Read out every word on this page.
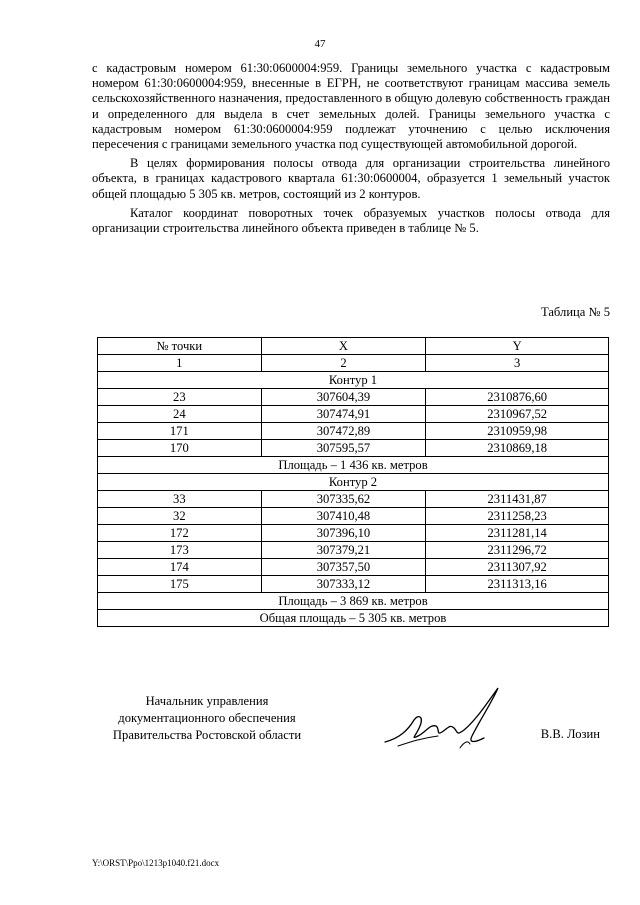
47

с кадастровым номером 61:30:0600004:959. Границы земельного участка с кадастровым номером 61:30:0600004:959, внесенные в ЕГРН, не соответствуют границам массива земель сельскохозяйственного назначения, предоставленного в общую долевую собственность граждан и определенного для выдела в счет земельных долей. Границы земельного участка с кадастровым номером 61:30:0600004:959 подлежат уточнению с целью исключения пересечения с границами земельного участка под существующей автомобильной дорогой.

В целях формирования полосы отвода для организации строительства линейного объекта, в границах кадастрового квартала 61:30:0600004, образуется 1 земельный участок общей площадью 5 305 кв. метров, состоящий из 2 контуров.

Каталог координат поворотных точек образуемых участков полосы отвода для организации строительства линейного объекта приведен в таблице № 5.

Таблица № 5
№ точки	X	Y
1	2	3
Контур 1		
23	307604,39	2310876,60
24	307474,91	2310967,52
171	307472,89	2310959,98
170	307595,57	2310869,18
Площадь – 1 436 кв. метров		
Контур 2		
33	307335,62	2311431,87
32	307410,48	2311258,23
172	307396,10	2311281,14
173	307379,21	2311296,72
174	307357,50	2311307,92
175	307333,12	2311313,16
Площадь – 3 869 кв. метров		
Общая площадь – 5 305 кв. метров		
Начальник управления
документационного обеспечения
Правительства Ростовской области	В.В. Лозин
Y:\ORST\Ppo\1213p1040.f21.docx
